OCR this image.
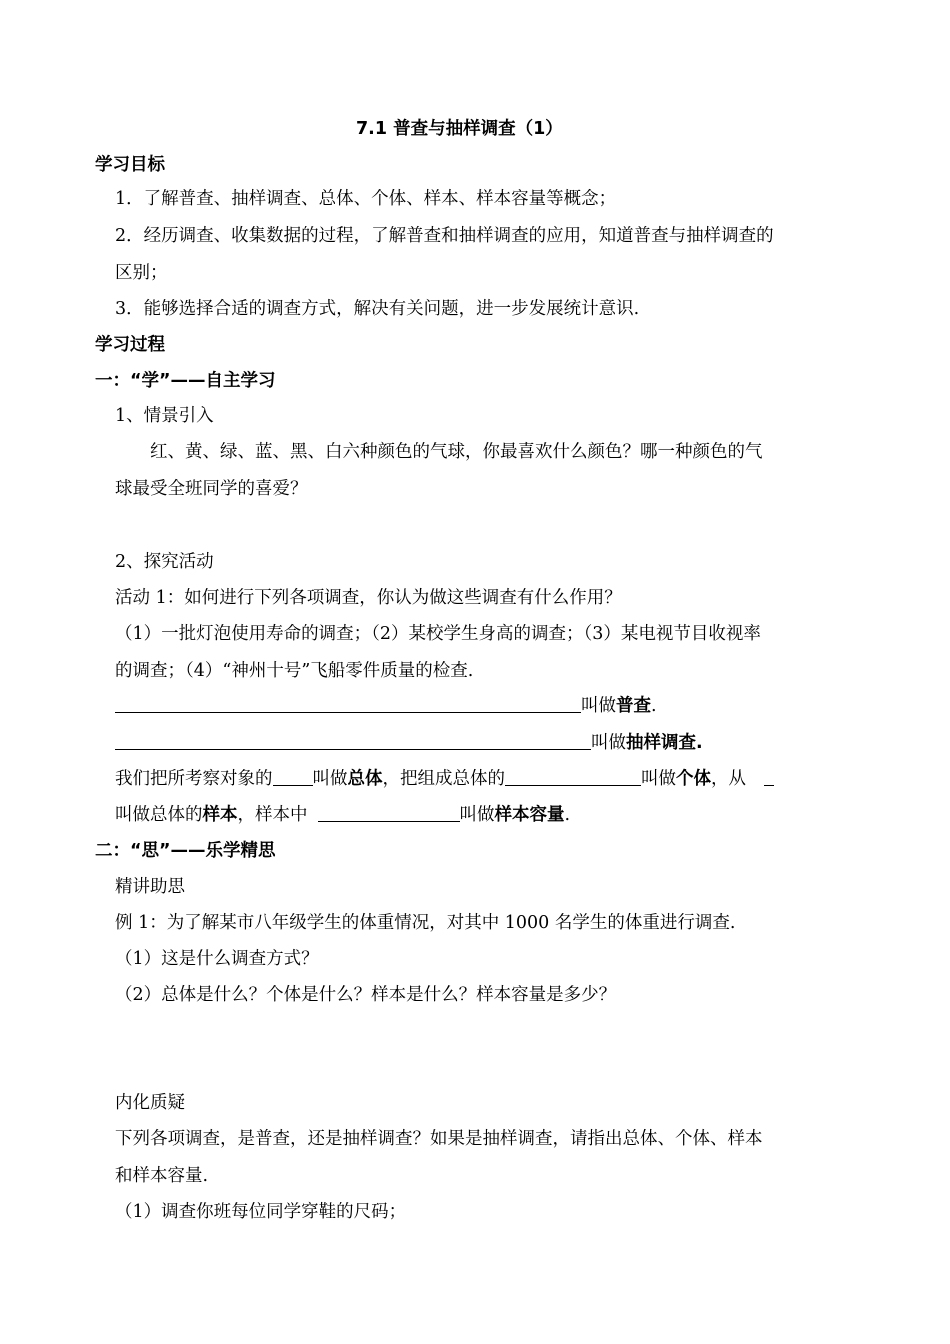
7.1 普查与抽样调查（1）
学习目标
1．了解普查、抽样调查、总体、个体、样本、样本容量等概念；
2．经历调查、收集数据的过程，了解普查和抽样调查的应用，知道普查与抽样调查的
区别；
3．能够选择合适的调查方式，解决有关问题，进一步发展统计意识.
学习过程
一：“学”——自主学习
1、情景引入
红、黄、绿、蓝、黑、白六种颜色的气球，你最喜欢什么颜色？哪一种颜色的气
球最受全班同学的喜爱？
2、探究活动
活动 1：如何进行下列各项调查，你认为做这些调查有什么作用？
（1）一批灯泡使用寿命的调查；（2）某校学生身高的调查；（3）某电视节目收视率
的调查；（4）“神州十号”飞船零件质量的检查.
叫做普查.
叫做抽样调查.
我们把所考察对象的 叫做总体，把组成总体的	叫做个体，从
叫做总体的样本，样本中	叫做样本容量.
二：“思”——乐学精思
精讲助思
例 1：为了解某市八年级学生的体重情况，对其中 1000 名学生的体重进行调查.
（1）这是什么调查方式？
（2）总体是什么？个体是什么？样本是什么？样本容量是多少？
内化质疑
下列各项调查，是普查，还是抽样调查？如果是抽样调查，请指出总体、个体、样本
和样本容量.
（1）调查你班每位同学穿鞋的尺码；
